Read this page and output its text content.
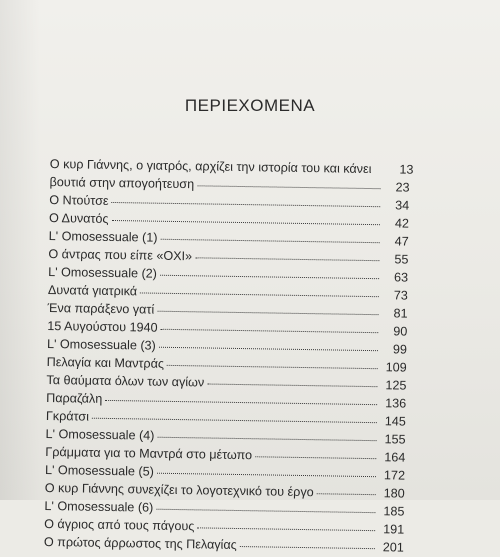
ΠΕΡΙΕΧΟΜΕΝΑ
Ο κυρ Γιάννης, ο γιατρός, αρχίζει την ιστορία του και κάνει	13
βουτιά στην απογοήτευση	23
Ο Ντούτσε	34
Ο Δυνατός	42
L' Omosessuale (1)	47
Ο άντρας που είπε «ΟΧΙ»	55
L' Omosessuale (2)	63
Δυνατά γιατρικά	73
Ένα παράξενο γατί	81
15 Αυγούστου 1940	90
L' Omosessuale (3)	99
Πελαγία και Μαντράς	109
Τα θαύματα όλων των αγίων	125
Παραζάλη	136
Γκράτσι	145
L' Omosessuale (4)	155
Γράμματα για το Μαντρά στο μέτωπο	164
L' Omosessuale (5)	172
Ο κυρ Γιάννης συνεχίζει το λογοτεχνικό του έργο	180
L' Omosessuale (6)	185
Ο άγριος από τους πάγους	191
Ο πρώτος άρρωστος της Πελαγίας	201
